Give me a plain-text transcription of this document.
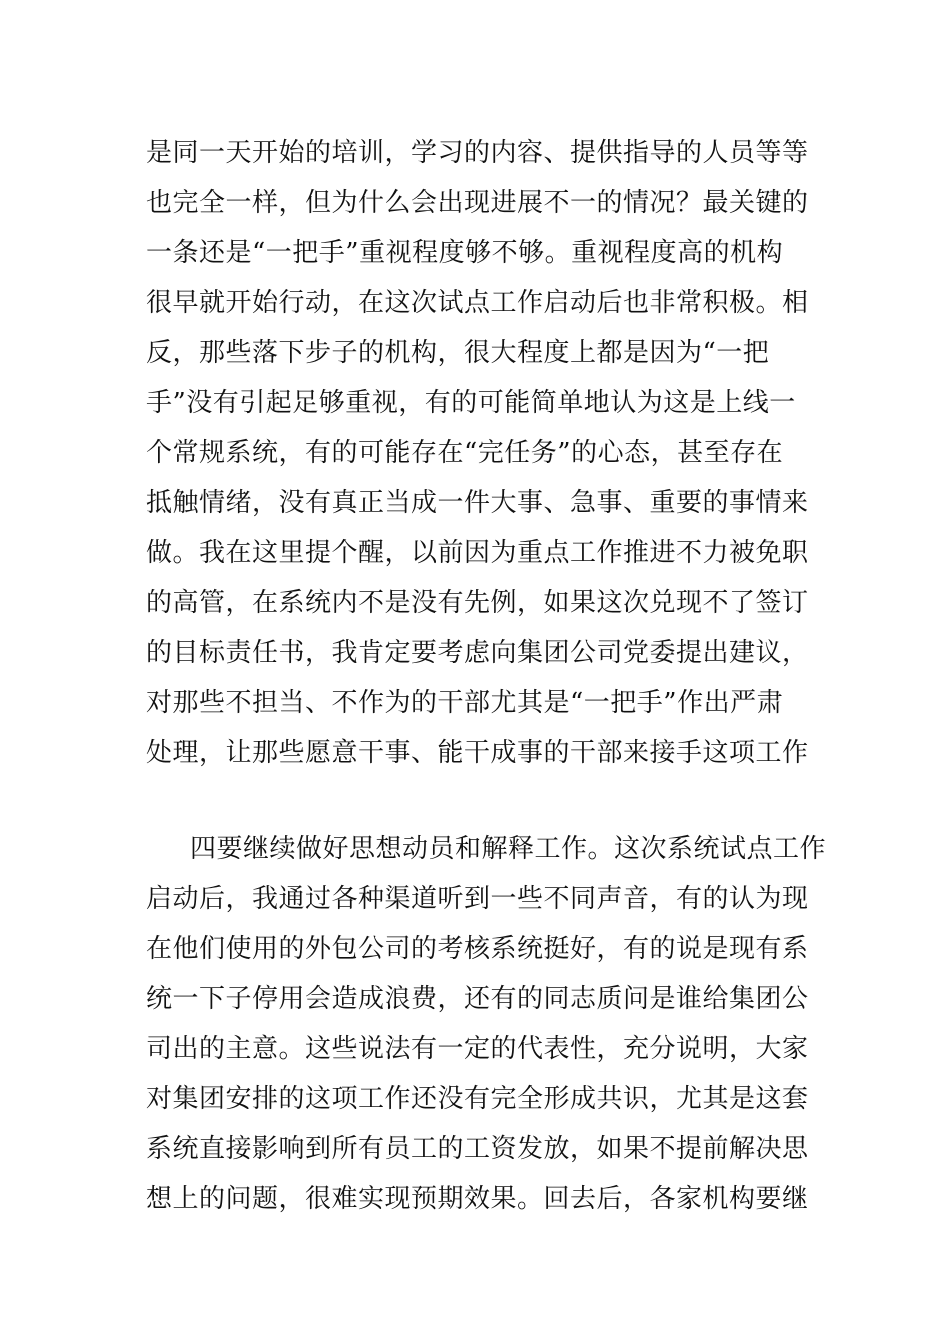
是同一天开始的培训，学习的内容、提供指导的人员等等
也完全一样，但为什么会出现进展不一的情况？最关键的
一条还是“一把手”重视程度够不够。重视程度高的机构
很早就开始行动，在这次试点工作启动后也非常积极。相
反，那些落下步子的机构，很大程度上都是因为“一把
手”没有引起足够重视，有的可能简单地认为这是上线一
个常规系统，有的可能存在“完任务”的心态，甚至存在
抵触情绪，没有真正当成一件大事、急事、重要的事情来
做。我在这里提个醒，以前因为重点工作推进不力被免职
的高管，在系统内不是没有先例，如果这次兑现不了签订
的目标责任书，我肯定要考虑向集团公司党委提出建议，
对那些不担当、不作为的干部尤其是“一把手”作出严肃
处理，让那些愿意干事、能干成事的干部来接手这项工作
四要继续做好思想动员和解释工作。这次系统试点工作
启动后，我通过各种渠道听到一些不同声音，有的认为现
在他们使用的外包公司的考核系统挺好，有的说是现有系
统一下子停用会造成浪费，还有的同志质问是谁给集团公
司出的主意。这些说法有一定的代表性，充分说明，大家
对集团安排的这项工作还没有完全形成共识，尤其是这套
系统直接影响到所有员工的工资发放，如果不提前解决思
想上的问题，很难实现预期效果。回去后，各家机构要继
